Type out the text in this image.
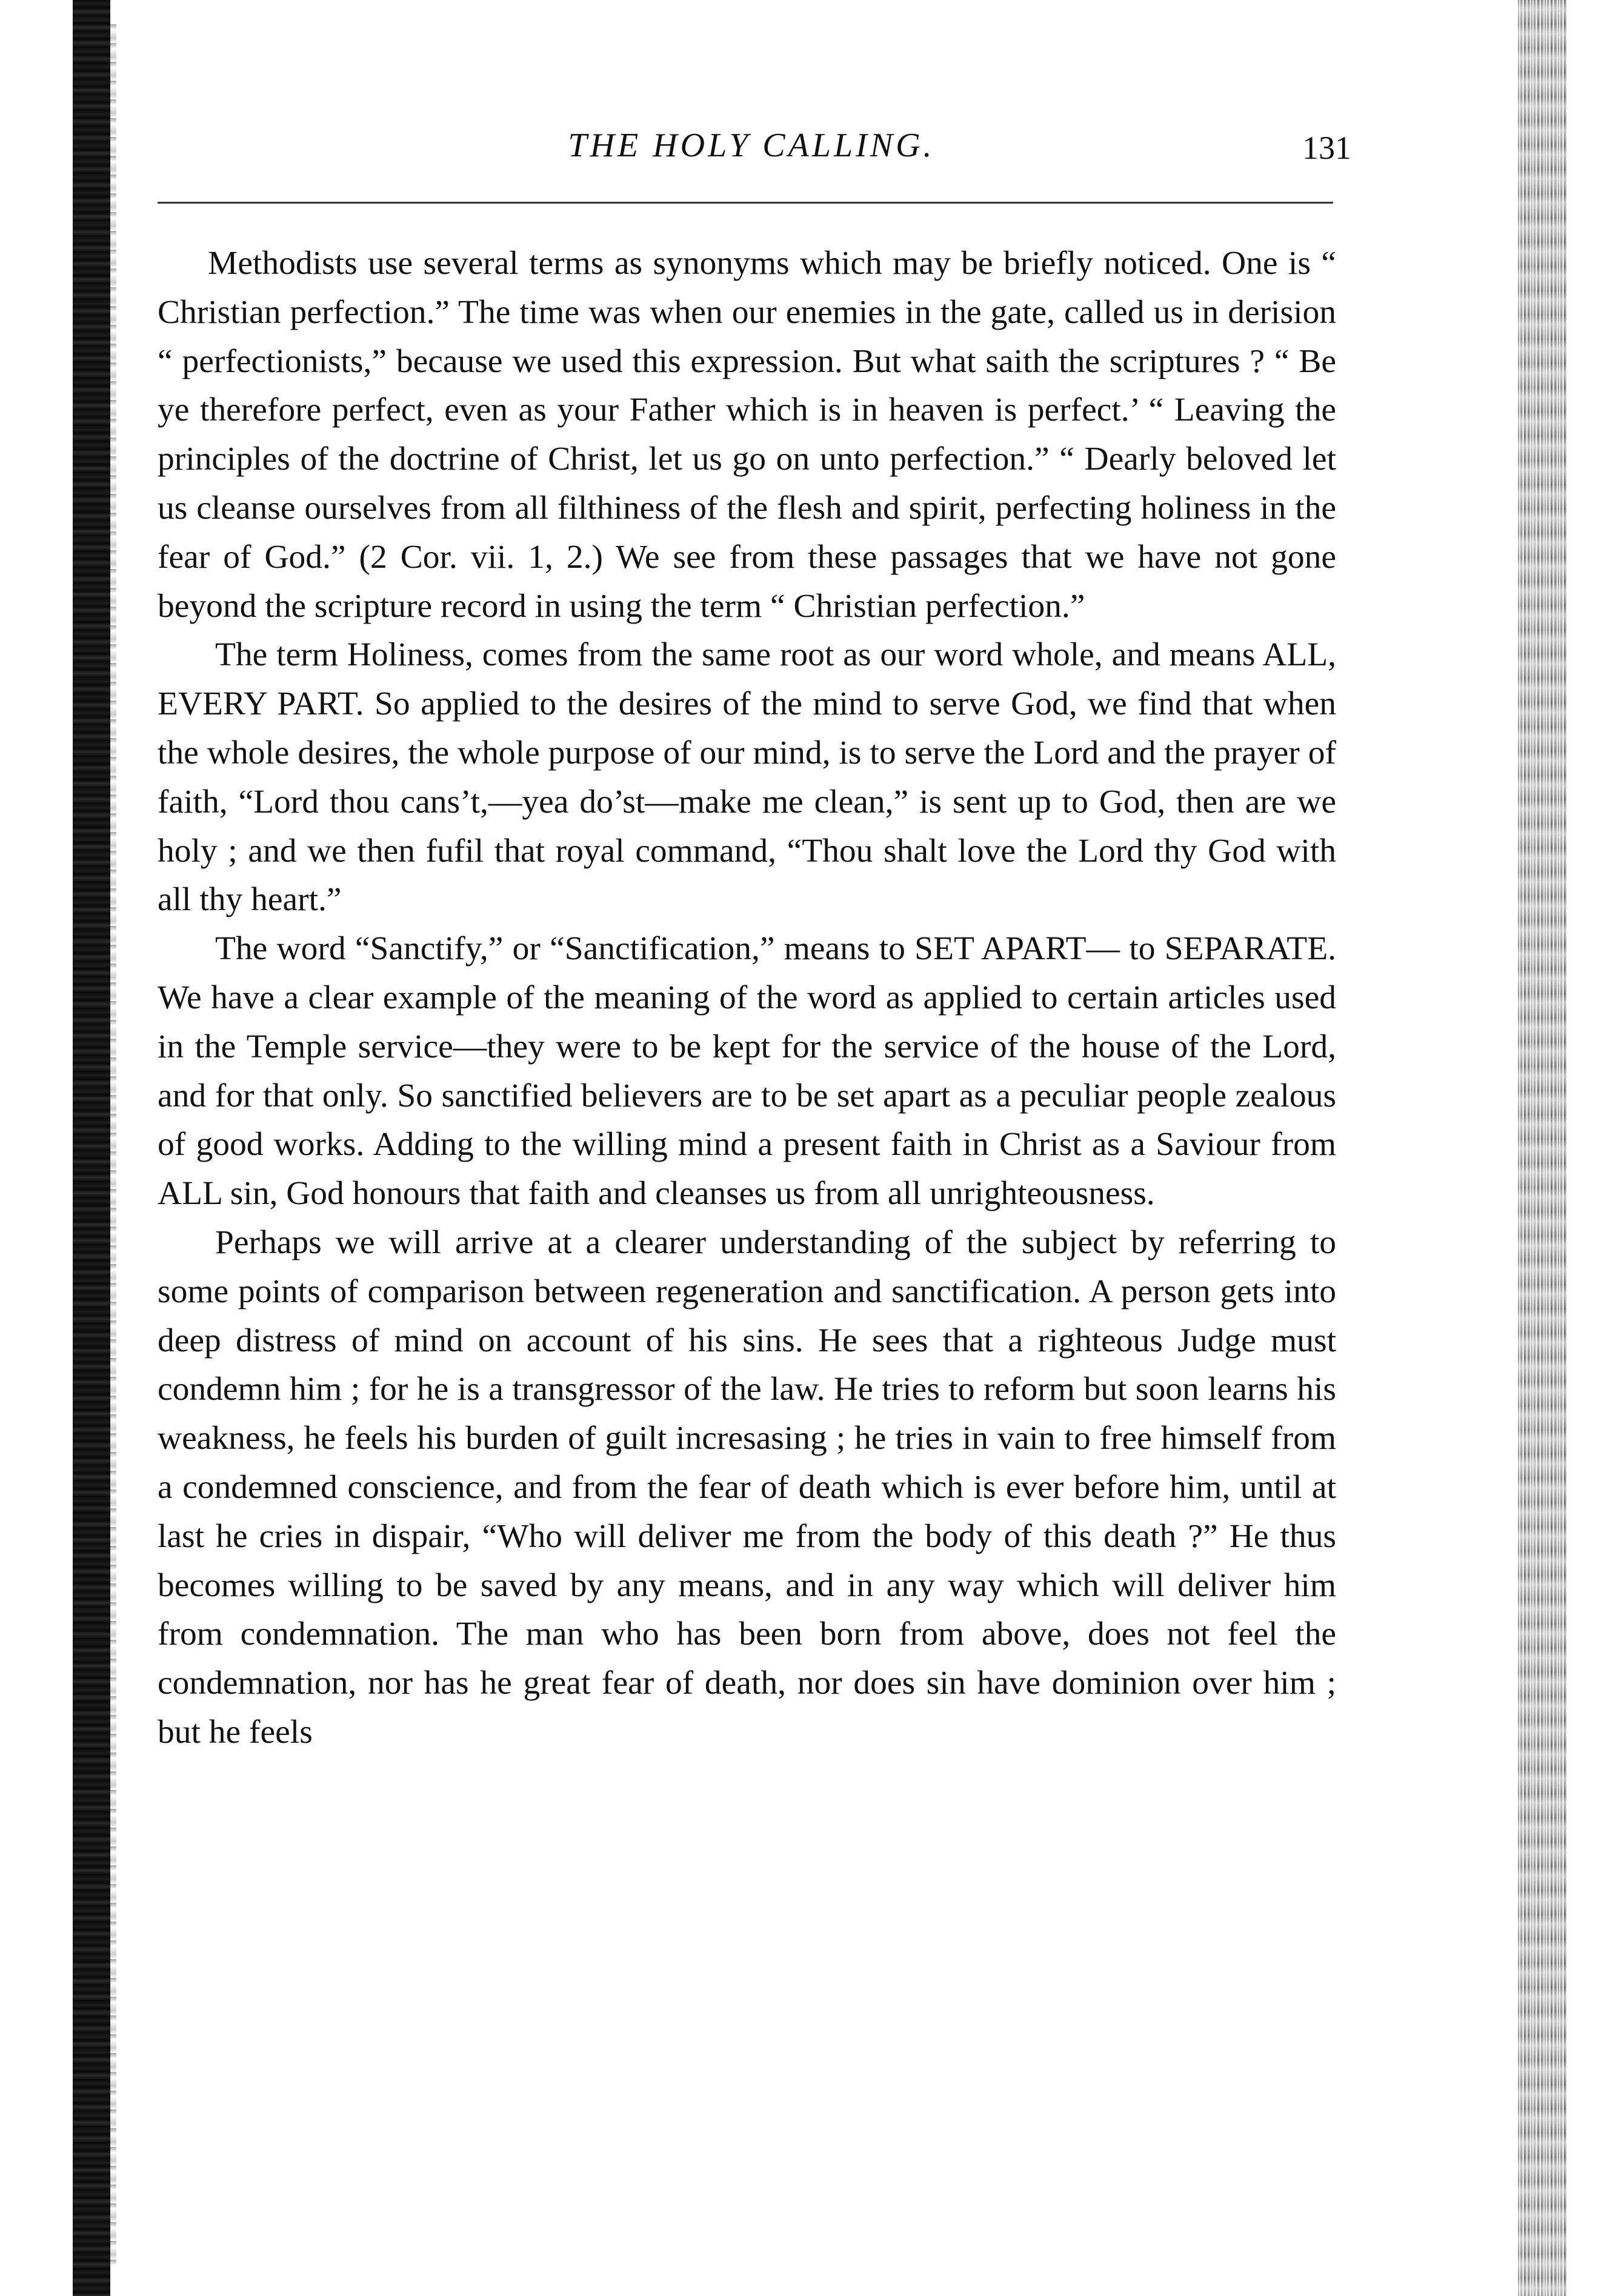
THE HOLY CALLING.	131

Methodists use several terms as synonyms which may be briefly noticed. One is “ Christian perfection.” The time was when our enemies in the gate, called us in derision “ perfectionists,” because we used this expression. But what saith the scriptures ? “ Be ye therefore perfect, even as your Father which is in heaven is perfect.’ “ Leaving the principles of the doctrine of Christ, let us go on unto perfection.” “ Dearly beloved let us cleanse ourselves from all filthiness of the flesh and spirit, perfecting holiness in the fear of God.” (2 Cor. vii. 1, 2.) We see from these passages that we have not gone beyond the scripture record in using the term “ Christian perfection.”

The term Holiness, comes from the same root as our word whole, and means ALL, EVERY PART. So applied to the desires of the mind to serve God, we find that when the whole desires, the whole purpose of our mind, is to serve the Lord and the prayer of faith, “Lord thou cans’t,—yea do’st—make me clean,” is sent up to God, then are we holy ; and we then fufil that royal command, “Thou shalt love the Lord thy God with all thy heart.”

The word “Sanctify,” or “Sanctification,” means to SET APART— to SEPARATE. We have a clear example of the meaning of the word as applied to certain articles used in the Temple service—they were to be kept for the service of the house of the Lord, and for that only. So sanctified believers are to be set apart as a peculiar people zealous of good works. Adding to the willing mind a present faith in Christ as a Saviour from ALL sin, God honours that faith and cleanses us from all unrighteousness.

Perhaps we will arrive at a clearer understanding of the subject by referring to some points of comparison between regeneration and sanctification. A person gets into deep distress of mind on account of his sins. He sees that a righteous Judge must condemn him ; for he is a transgressor of the law. He tries to reform but soon learns his weakness, he feels his burden of guilt incresasing ; he tries in vain to free himself from a condemned conscience, and from the fear of death which is ever before him, until at last he cries in dispair, “Who will deliver me from the body of this death ?” He thus becomes willing to be saved by any means, and in any way which will deliver him from condemnation. The man who has been born from above, does not feel the condemnation, nor has he great fear of death, nor does sin have dominion over him ; but he feels
